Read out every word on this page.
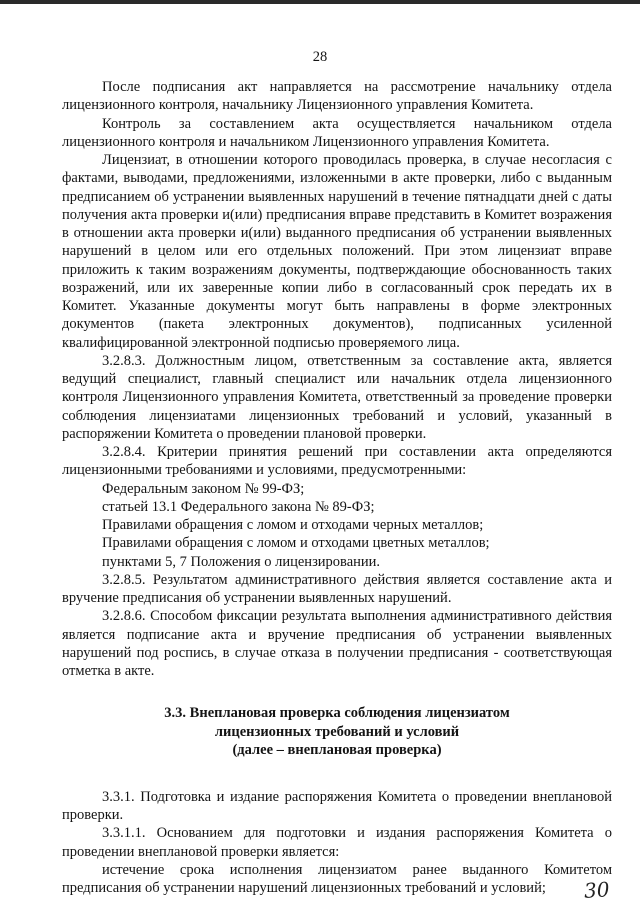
28

После подписания акт направляется на рассмотрение начальнику отдела лицензионного контроля, начальнику Лицензионного управления Комитета.

Контроль за составлением акта осуществляется начальником отдела лицензионного контроля и начальником Лицензионного управления Комитета.

Лицензиат, в отношении которого проводилась проверка, в случае несогласия с фактами, выводами, предложениями, изложенными в акте проверки, либо с выданным предписанием об устранении выявленных нарушений в течение пятнадцати дней с даты получения акта проверки и(или) предписания вправе представить в Комитет возражения в отношении акта проверки и(или) выданного предписания об устранении выявленных нарушений в целом или его отдельных положений. При этом лицензиат вправе приложить к таким возражениям документы, подтверждающие обоснованность таких возражений, или их заверенные копии либо в согласованный срок передать их в Комитет. Указанные документы могут быть направлены в форме электронных документов (пакета электронных документов), подписанных усиленной квалифицированной электронной подписью проверяемого лица.

3.2.8.3. Должностным лицом, ответственным за составление акта, является ведущий специалист, главный специалист или начальник отдела лицензионного контроля Лицензионного управления Комитета, ответственный за проведение проверки соблюдения лицензиатами лицензионных требований и условий, указанный в распоряжении Комитета о проведении плановой проверки.

3.2.8.4. Критерии принятия решений при составлении акта определяются лицензионными требованиями и условиями, предусмотренными:

Федеральным законом № 99-ФЗ;

статьей 13.1 Федерального закона № 89-ФЗ;

Правилами обращения с ломом и отходами черных металлов;

Правилами обращения с ломом и отходами цветных металлов;

пунктами 5, 7 Положения о лицензировании.

3.2.8.5. Результатом административного действия является составление акта и вручение предписания об устранении выявленных нарушений.

3.2.8.6. Способом фиксации результата выполнения административного действия является подписание акта и вручение предписания об устранении выявленных нарушений под роспись, в случае отказа в получении предписания - соответствующая отметка в акте.

3.3. Внеплановая проверка соблюдения лицензиатом
лицензионных требований и условий
(далее – внеплановая проверка)

3.3.1. Подготовка и издание распоряжения Комитета о проведении внеплановой проверки.

3.3.1.1. Основанием для подготовки и издания распоряжения Комитета о проведении внеплановой проверки является:

истечение срока исполнения лицензиатом ранее выданного Комитетом предписания об устранении нарушений лицензионных требований и условий;	30
